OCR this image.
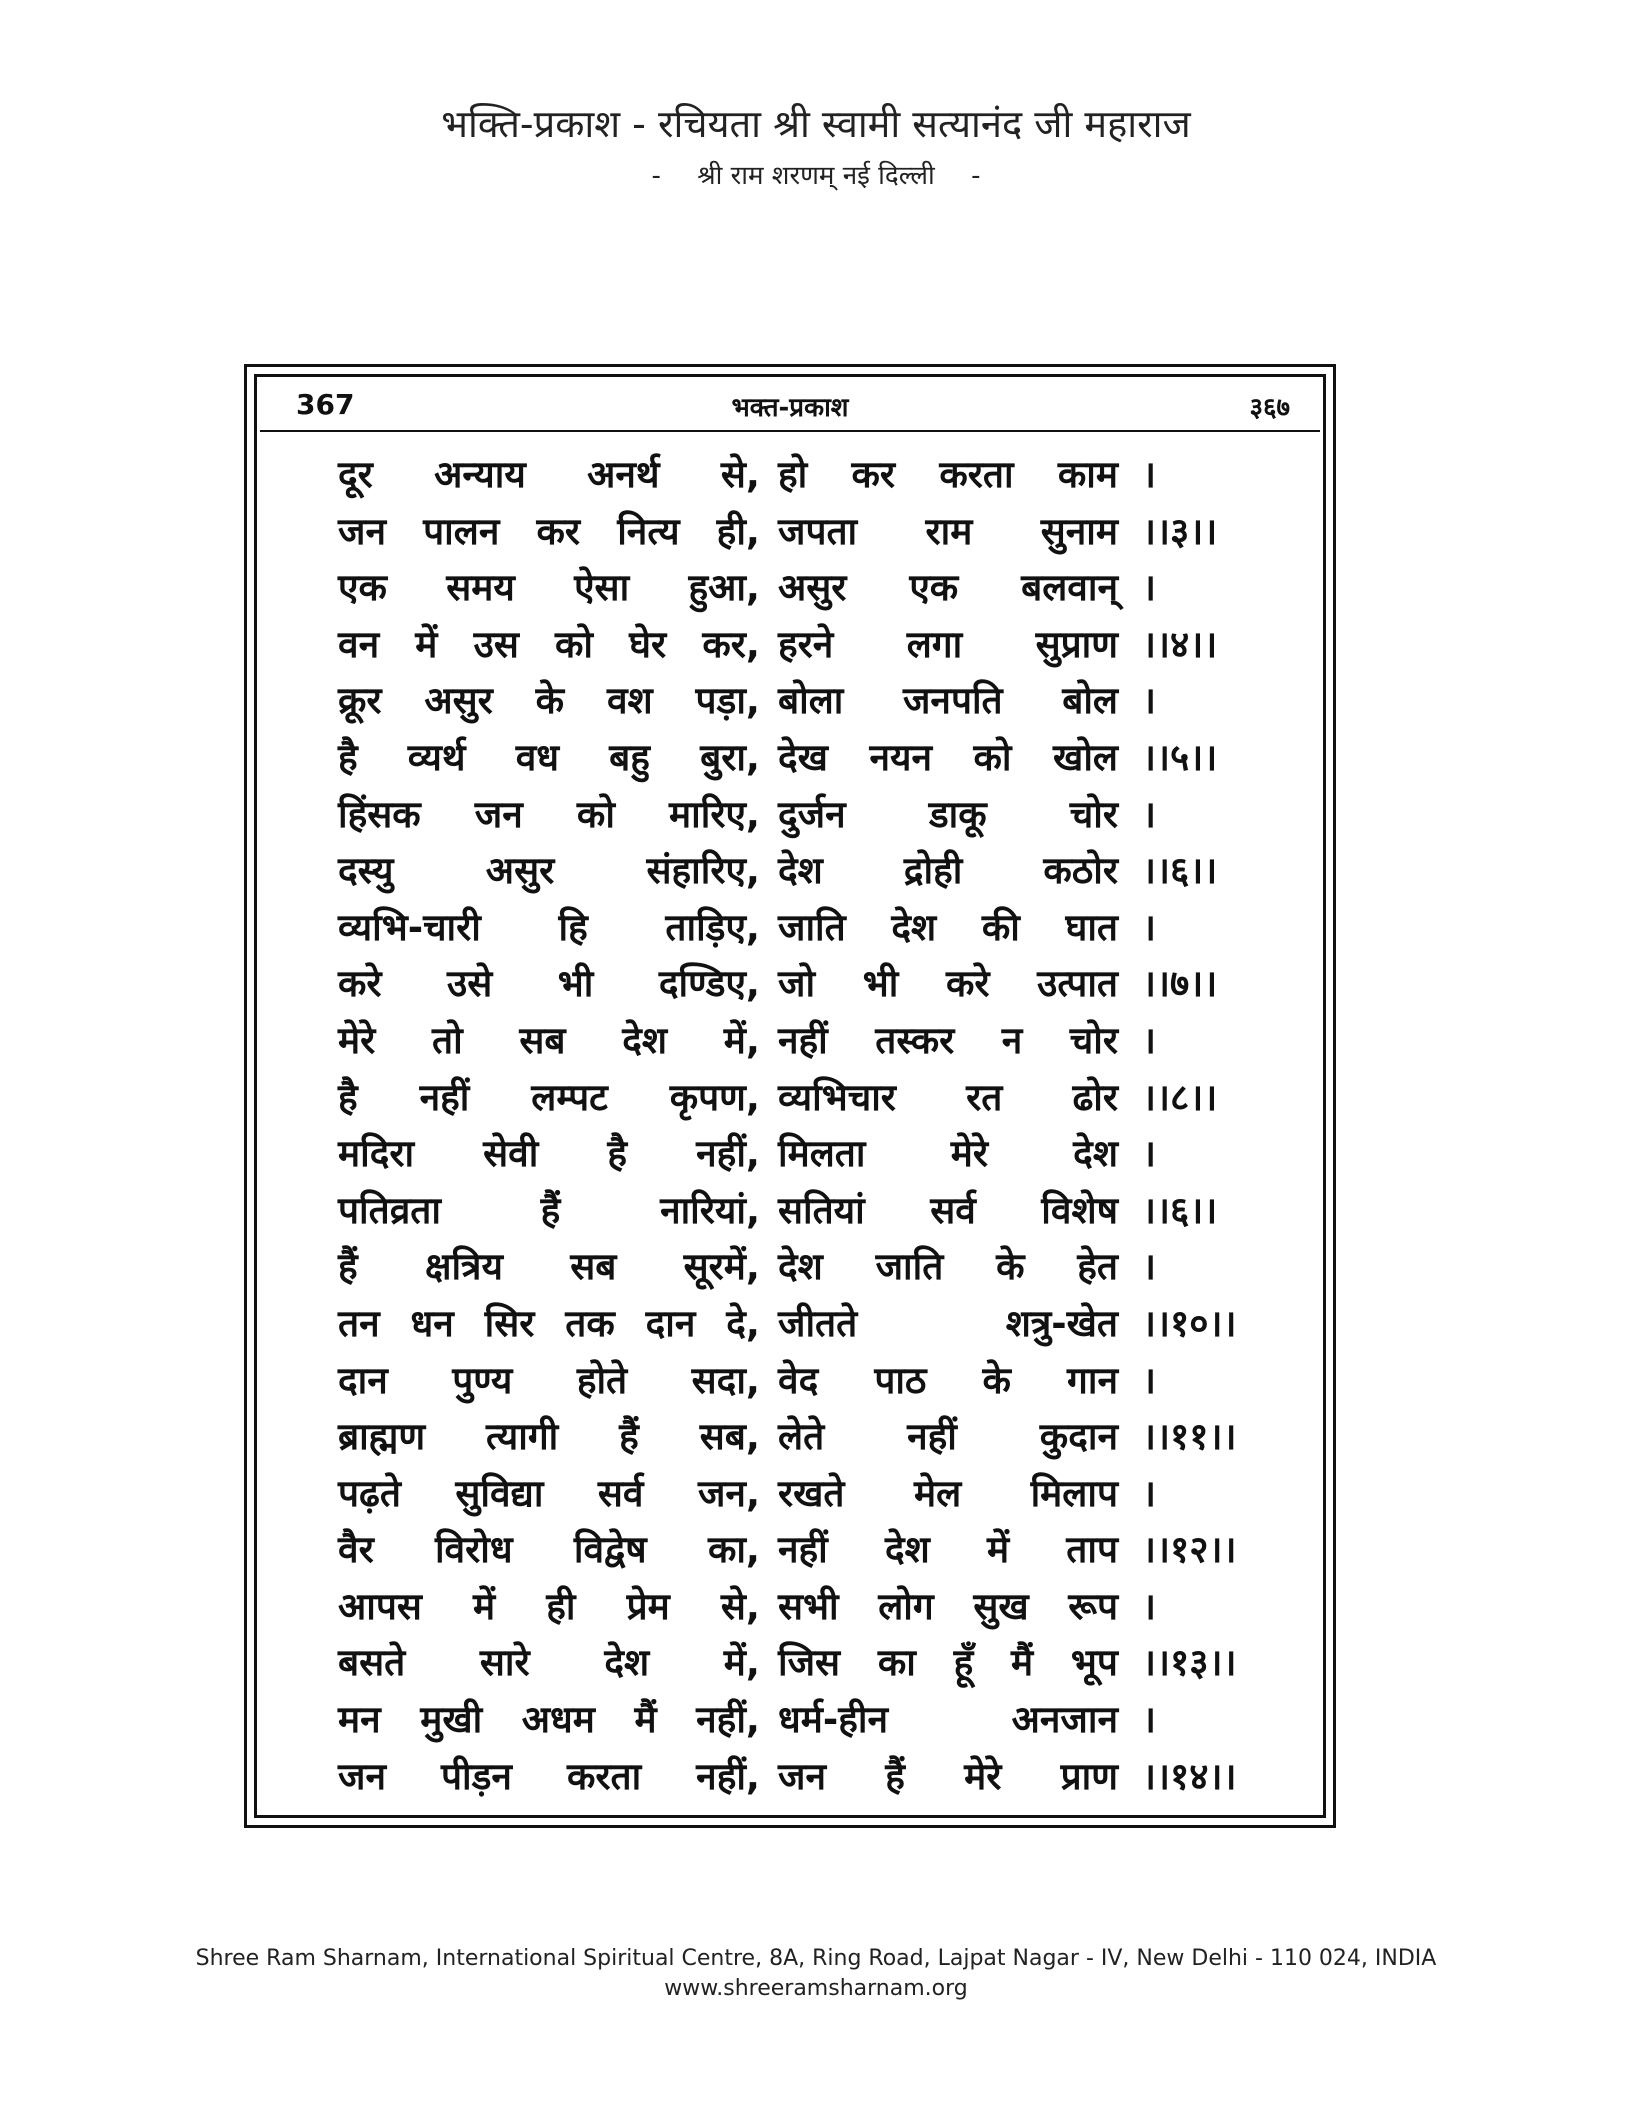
भक्ति-प्रकाश - रचियता श्री स्वामी सत्यानंद जी महाराज
- श्री राम शरणम् नई दिल्ली -
भक्त-प्रकाश
367	३६७
दूर अन्याय अनर्थ से, हो कर करता काम ।
जन पालन कर नित्य ही, जपता राम सुनाम ।।३।।
एक समय ऐसा हुआ, असुर एक बलवान् ।
वन में उस को घेर कर, हरने लगा सुप्राण ।।४।।
क्रूर असुर के वश पड़ा, बोला जनपति बोल ।
है व्यर्थ वध बहु बुरा, देख नयन को खोल ।।५।।
हिंसक जन को मारिए, दुर्जन डाकू चोर ।
दस्यु असुर संहारिए, देश द्रोही कठोर ।।६।।
व्यभि-चारी हि ताड़िए, जाति देश की घात ।
करे उसे भी दण्डिए, जो भी करे उत्पात ।।७।।
मेरे तो सब देश में, नहीं तस्कर न चोर ।
है नहीं लम्पट कृपण, व्यभिचार रत ढोर ।।८।।
मदिरा सेवी है नहीं, मिलता मेरे देश ।
पतिव्रता	हैं	नारियां, सतियां सर्व विशेष ।।६।।
हैं क्षत्रिय सब सूरमें, देश जाति के हेत ।
तन धन सिर तक दान दे, जीतते	शत्रु-खेत ।।१०।।
दान पुण्य होते सदा, वेद पाठ के गान ।
ब्राह्मण त्यागी हैं सब, लेते नहीं कुदान ।।११।।
पढ़ते सुविद्या सर्व जन, रखते मेल मिलाप ।
वैर विरोध विद्वेष का, नहीं देश में ताप ।।१२।।
आपस में ही प्रेम से, सभी लोग सुख रूप ।
बसते सारे देश में, जिस का हूँ मैं भूप ।।१३।।
मन मुखी अधम मैं नहीं, धर्म-हीन	अनजान ।
जन पीड़न करता नहीं, जन हैं मेरे प्राण ।।१४।।
Shree Ram Sharnam, International Spiritual Centre, 8A, Ring Road, Lajpat Nagar - IV, New Delhi - 110 024, INDIA
www.shreeramsharnam.org
